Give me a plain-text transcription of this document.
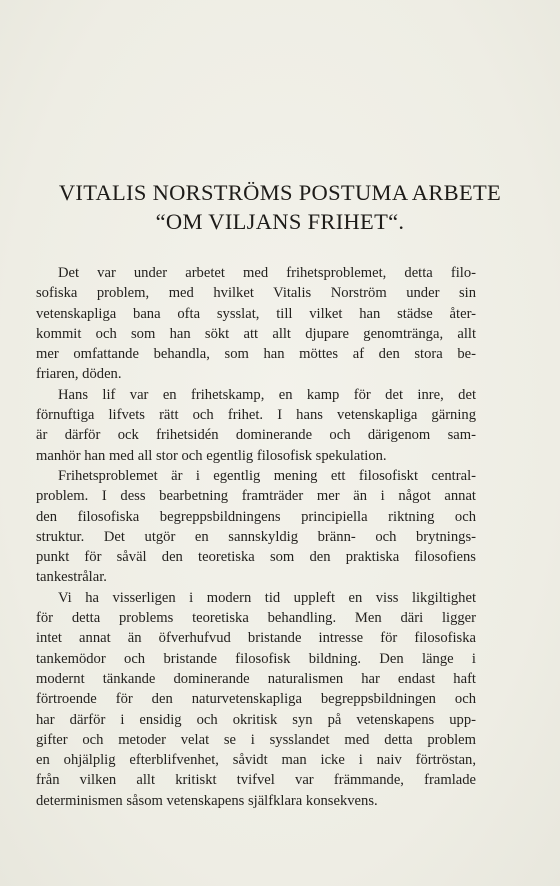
VITALIS NORSTRÖMS POSTUMA ARBETE
“OM VILJANS FRIHET“.
Det var under arbetet med frihetsproblemet, detta filo-
sofiska problem, med hvilket Vitalis Norström under sin
vetenskapliga bana ofta sysslat, till vilket han städse åter-
kommit och som han sökt att allt djupare genomtränga, allt
mer omfattande behandla, som han möttes af den stora be-
friaren, döden.
Hans lif var en frihetskamp, en kamp för det inre, det
förnuftiga lifvets rätt och frihet. I hans vetenskapliga gärning
är därför ock frihetsidén dominerande och därigenom sam-
manhör han med all stor och egentlig filosofisk spekulation.
Frihetsproblemet är i egentlig mening ett filosofiskt central-
problem. I dess bearbetning framträder mer än i något annat
den filosofiska begreppsbildningens principiella riktning och
struktur. Det utgör en sannskyldig bränn- och brytnings-
punkt för såväl den teoretiska som den praktiska filosofiens
tankestrålar.
Vi ha visserligen i modern tid uppleft en viss likgiltighet
för detta problems teoretiska behandling. Men däri ligger
intet annat än öfverhufvud bristande intresse för filosofiska
tankemödor och bristande filosofisk bildning. Den länge i
modernt tänkande dominerande naturalismen har endast haft
förtroende för den naturvetenskapliga begreppsbildningen och
har därför i ensidig och okritisk syn på vetenskapens upp-
gifter och metoder velat se i sysslandet med detta problem
en ohjälplig efterblifvenhet, såvidt man icke i naiv förtröstan,
från vilken allt kritiskt tvifvel var främmande, framlade
determinismen såsom vetenskapens själfklara konsekvens.
